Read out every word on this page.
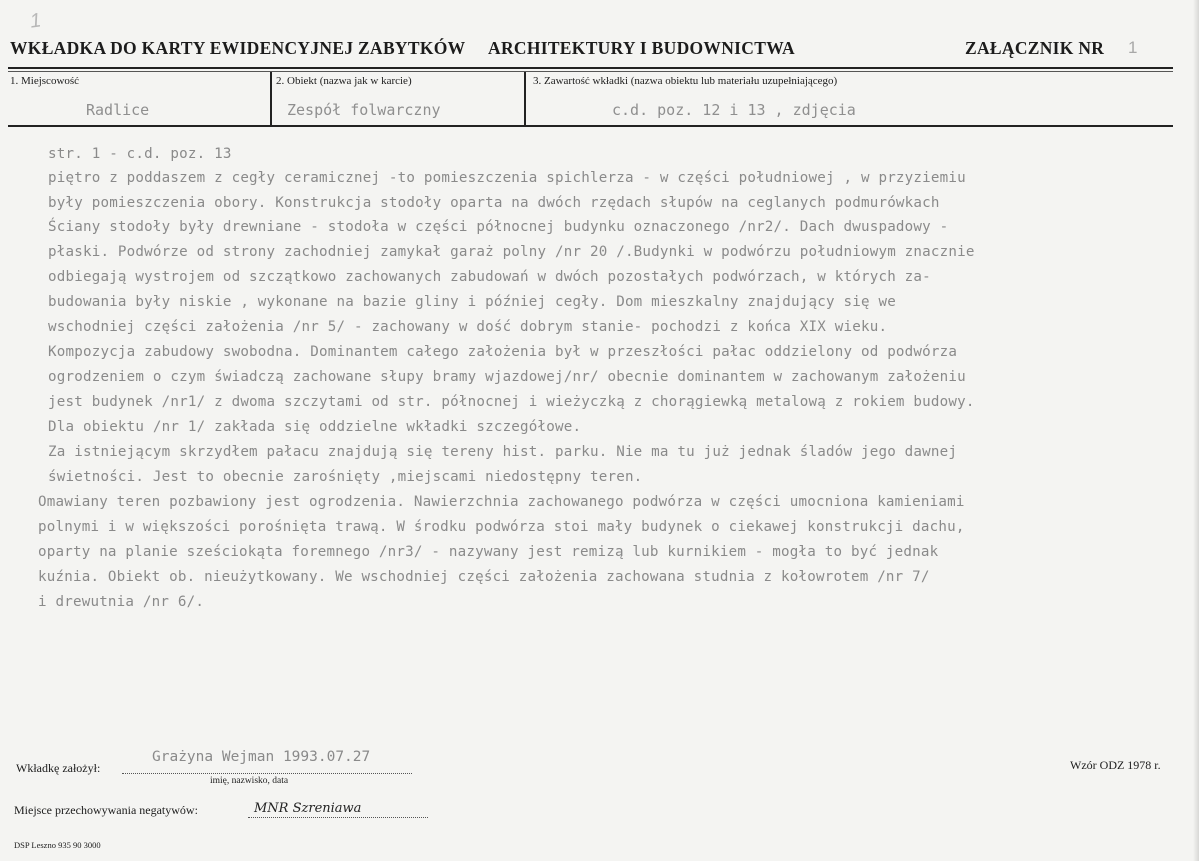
1
WKŁADKA DO KARTY EWIDENCYJNEJ ZABYTKÓW ARCHITEKTURY I BUDOWNICTWA	ZAŁĄCZNIK NR 1
1. Miejscowość
Radlice
2. Obiekt (nazwa jak w karcie)
Zespół folwarczny
3. Zawartość wkładki (nazwa obiektu lub materiału uzupełniającego)
c.d. poz. 12 i 13 , zdjęcia
str. 1 - c.d. poz. 13
piętro z poddaszem z cegły ceramicznej -to pomieszczenia spichlerza - w części południowej , w przyziemiu
były pomieszczenia obory. Konstrukcja stodoły oparta na dwóch rzędach słupów na ceglanych podmurówkach
Ściany stodoły były drewniane - stodoła w części północnej budynku oznaczonego /nr2/. Dach dwuspadowy -
płaski. Podwórze od strony zachodniej zamykał garaż polny /nr 20 /.Budynki w podwórzu południowym znacznie
odbiegają wystrojem od szczątkowo zachowanych zabudowań w dwóch pozostałych podwórzach, w których za-
budowania były niskie , wykonane na bazie gliny i później cegły. Dom mieszkalny znajdujący się we
wschodniej części założenia /nr 5/ - zachowany w dość dobrym stanie- pochodzi z końca XIX wieku.
Kompozycja zabudowy swobodna. Dominantem całego założenia był w przeszłości pałac oddzielony od podwórza
ogrodzeniem o czym świadczą zachowane słupy bramy wjazdowej/nr/ obecnie dominantem w zachowanym założeniu
jest budynek /nr1/ z dwoma szczytami od str. północnej i wieżyczką z chorągiewką metalową z rokiem budowy.
Dla obiektu /nr 1/ zakłada się oddzielne wkładki szczegółowe.
Za istniejącym skrzydłem pałacu znajdują się tereny hist. parku. Nie ma tu już jednak śladów jego dawnej
świetności. Jest to obecnie zarośnięty ,miejscami niedostępny teren.
Omawiany teren pozbawiony jest ogrodzenia. Nawierzchnia zachowanego podwórza w części umocniona kamieniami
polnymi i w większości porośnięta trawą. W środku podwórza stoi mały budynek o ciekawej konstrukcji dachu,
oparty na planie sześciokąta foremnego /nr3/ - nazywany jest remizą lub kurnikiem - mogła to być jednak
kuźnia. Obiekt ob. nieużytkowany. We wschodniej części założenia zachowana studnia z kołowrotem /nr 7/
i drewutnia /nr 6/.
Wkładkę założył:
Grażyna Wejman 1993.07.27
imię, nazwisko, data
Wzór ODZ 1978 r.
Miejsce przechowywania negatywów:	MNR Szreniawa
DSP Leszno 935 90 3000
